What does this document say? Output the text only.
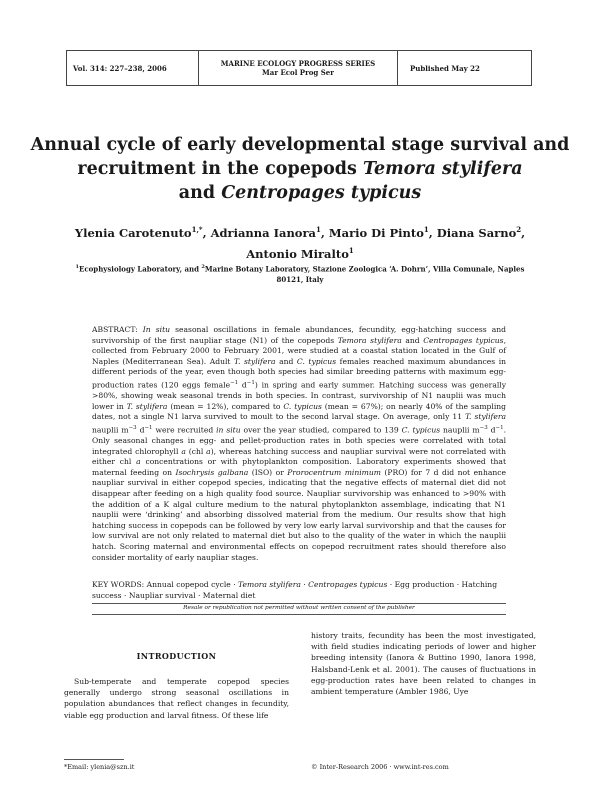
Vol. 314: 227–238, 2006	MARINE ECOLOGY PROGRESS SERIES
Mar Ecol Prog Ser	Published May 22
Annual cycle of early developmental stage survival and recruitment in the copepods Temora stylifera
and Centropages typicus
Ylenia Carotenuto$^{1,*}$, Adrianna Ianora$^1$, Mario Di Pinto$^1$, Diana Sarno$^2$,
Antonio Miralto$^1$
$^1$Ecophysiology Laboratory, and $^2$Marine Botany Laboratory, Stazione Zoologica ‘A. Dohrn’, Villa Comunale, Naples 80121, Italy
ABSTRACT: In situ seasonal oscillations in female abundances, fecundity, egg-hatching success and survivorship of the first naupliar stage (N1) of the copepods Temora stylifera and Centropages typicus, collected from February 2000 to February 2001, were studied at a coastal station located in the Gulf of Naples (Mediterranean Sea). Adult T. stylifera and C. typicus females reached maximum abundances in different periods of the year, even though both species had similar breeding patterns with maximum egg-production rates (120 eggs female$^{-1}$ $d^{-1}$) in spring and early summer. Hatching success was generally >80%, showing weak seasonal trends in both species. In contrast, survivorship of N1 nauplii was much lower in T. stylifera (mean = 12%), compared to C. typicus (mean = 67%); on nearly 40% of the sampling dates, not a single N1 larva survived to moult to the second larval stage. On average, only 11 T. stylifera nauplii $m^{-3}$ $d^{-1}$ were recruited in situ over the year studied, compared to 139 C. typicus nauplii $m^{-3}$ $d^{-1}$. Only seasonal changes in egg- and pellet-production rates in both species were correlated with total integrated chlorophyll a (chl a), whereas hatching success and naupliar survival were not correlated with either chl a concentrations or with phytoplankton composition. Laboratory experiments showed that maternal feeding on Isochrysis galbana (ISO) or Prorocentrum minimum (PRO) for 7 d did not enhance naupliar survival in either copepod species, indicating that the negative effects of maternal diet did not disappear after feeding on a high quality food source. Naupliar survivorship was enhanced to >90% with the addition of a K algal culture medium to the natural phytoplankton assemblage, indicating that N1 nauplii were ‘drinking’ and absorbing dissolved material from the medium. Our results show that high hatching success in copepods can be followed by very low early larval survivorship and that the causes for low survival are not only related to maternal diet but also to the quality of the water in which the nauplii hatch. Scoring maternal and environmental effects on copepod recruitment rates should therefore also consider mortality of early naupliar stages.
KEY WORDS: Annual copepod cycle · Temora stylifera · Centropages typicus · Egg production · Hatching success · Naupliar survival · Maternal diet
Resale or republication not permitted without written consent of the publisher
INTRODUCTION
Sub-temperate and temperate copepod species generally undergo strong seasonal oscillations in population abundances that reflect changes in fecundity, viable egg production and larval fitness. Of these life
history traits, fecundity has been the most investigated, with field studies indicating periods of lower and higher breeding intensity (Ianora & Buttino 1990, Ianora 1998, Halsband-Lenk et al. 2001). The causes of fluctuations in egg-production rates have been related to changes in ambient temperature (Ambler 1986, Uye
*Email: ylenia@szn.it	© Inter-Research 2006 · www.int-res.com
